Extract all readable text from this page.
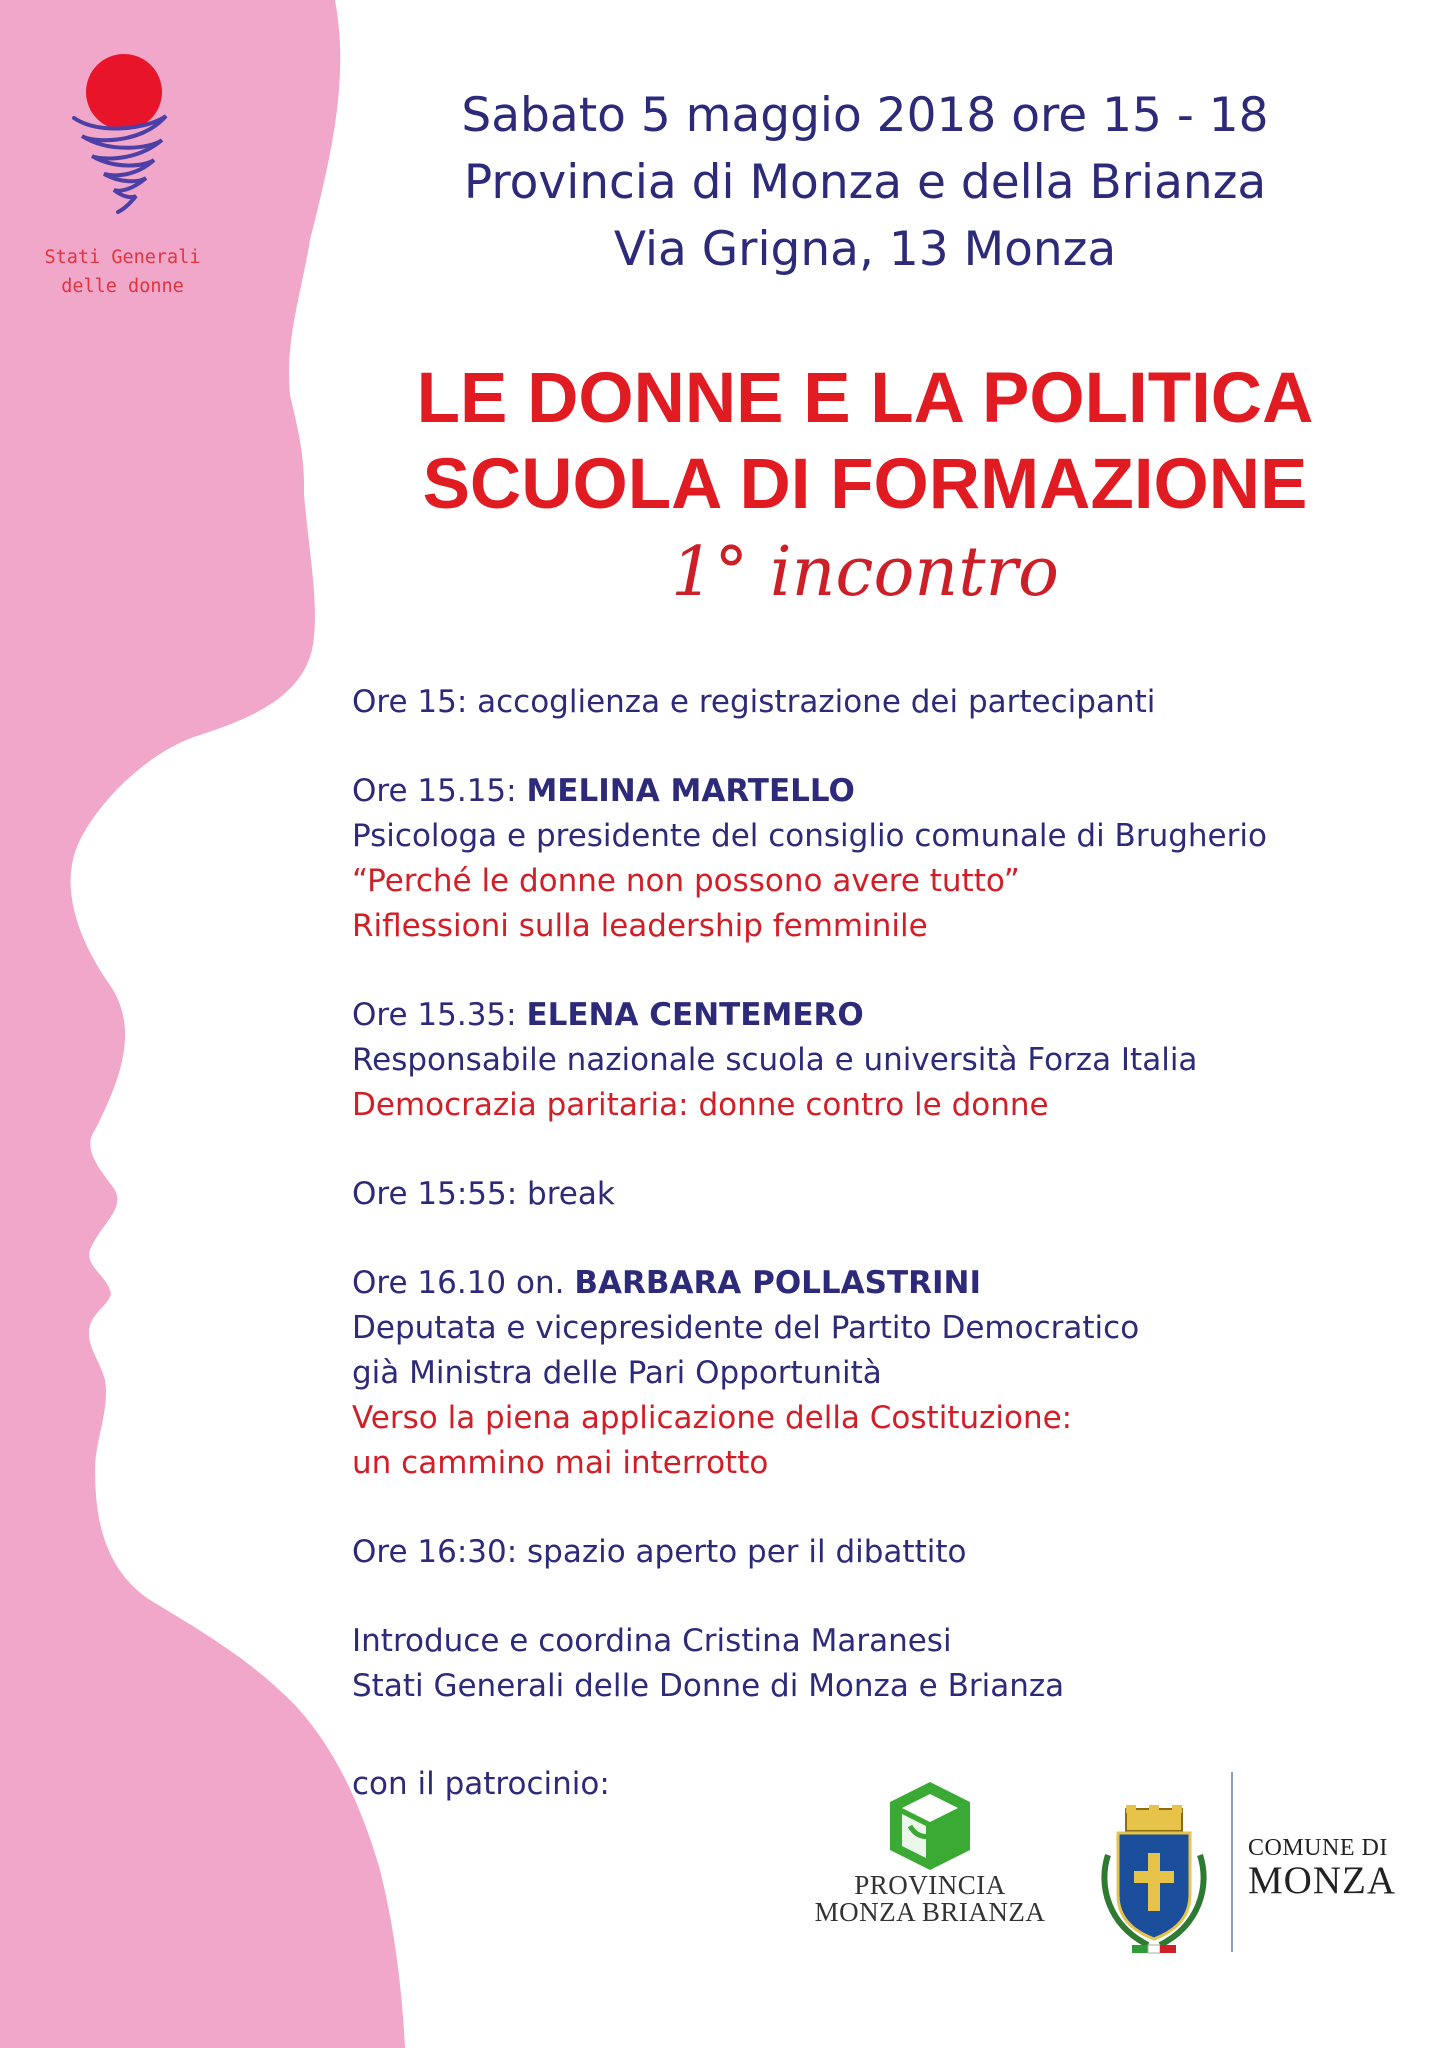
Stati Generali
delle donne
Sabato 5 maggio 2018 ore 15 - 18
Provincia di Monza e della Brianza
Via Grigna, 13 Monza
LE DONNE E LA POLITICA
SCUOLA DI FORMAZIONE
1° incontro
Ore 15: accoglienza e registrazione dei partecipanti
Ore 15.15: MELINA MARTELLO
Psicologa e presidente del consiglio comunale di Brugherio
“Perché le donne non possono avere tutto”
Riflessioni sulla leadership femminile
Ore 15.35: ELENA CENTEMERO
Responsabile nazionale scuola e università Forza Italia
Democrazia paritaria: donne contro le donne
Ore 15:55: break
Ore 16.10 on. BARBARA POLLASTRINI
Deputata e vicepresidente del Partito Democratico
già Ministra delle Pari Opportunità
Verso la piena applicazione della Costituzione:
un cammino mai interrotto
Ore 16:30: spazio aperto per il dibattito
Introduce e coordina Cristina Maranesi
Stati Generali delle Donne di Monza e Brianza
con il patrocinio:
PROVINCIA
MONZA BRIANZA
COMUNE DI
MONZA
